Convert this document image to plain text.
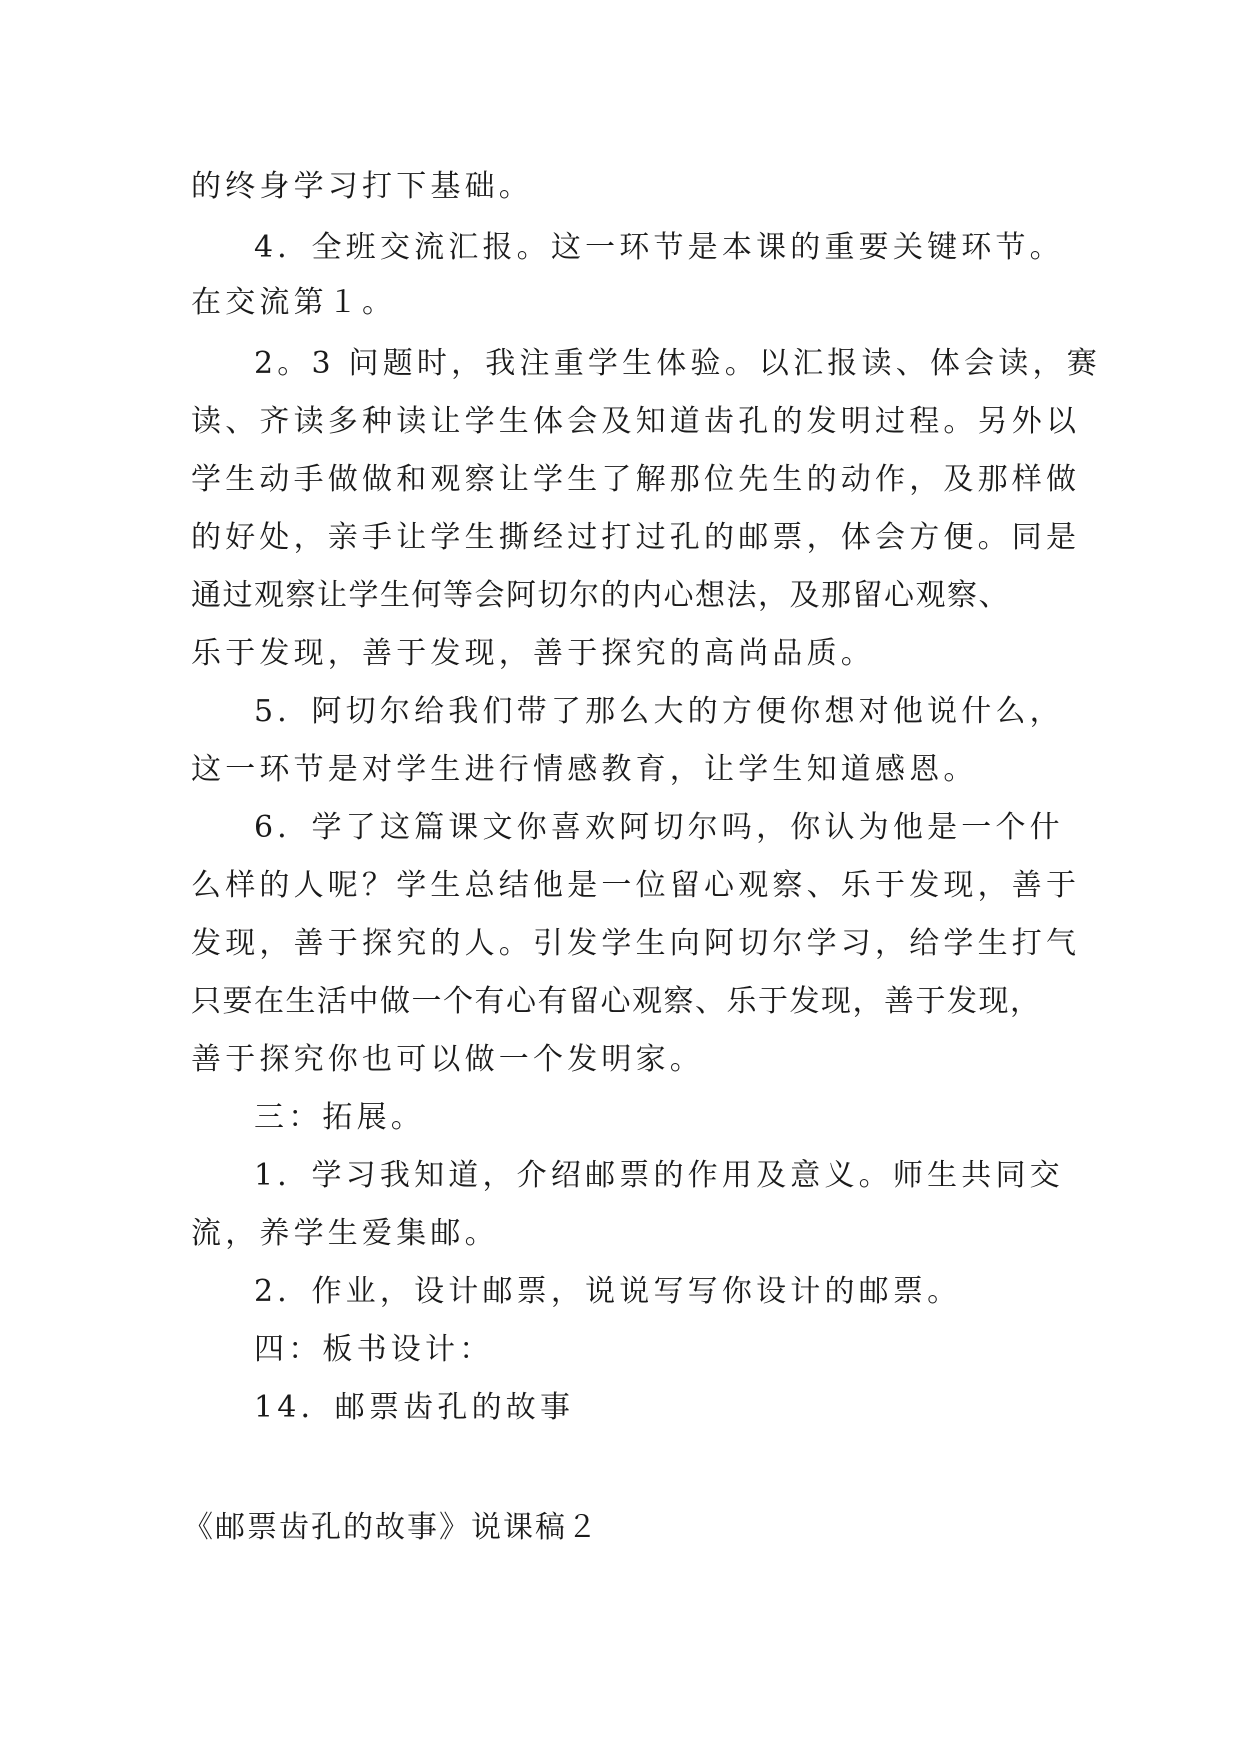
的终身学习打下基础。
4．全班交流汇报。这一环节是本课的重要关键环节。
在交流第１。
2。3 问题时，我注重学生体验。以汇报读、体会读，赛
读、齐读多种读让学生体会及知道齿孔的发明过程。另外以
学生动手做做和观察让学生了解那位先生的动作，及那样做
的好处，亲手让学生撕经过打过孔的邮票，体会方便。同是
通过观察让学生何等会阿切尔的内心想法，及那留心观察、
乐于发现，善于发现，善于探究的高尚品质。
5．阿切尔给我们带了那么大的方便你想对他说什么，
这一环节是对学生进行情感教育，让学生知道感恩。
6．学了这篇课文你喜欢阿切尔吗，你认为他是一个什
么样的人呢？学生总结他是一位留心观察、乐于发现，善于
发现，善于探究的人。引发学生向阿切尔学习，给学生打气
只要在生活中做一个有心有留心观察、乐于发现，善于发现，
善于探究你也可以做一个发明家。
三：拓展。
1．学习我知道，介绍邮票的作用及意义。师生共同交
流，养学生爱集邮。
2．作业，设计邮票，说说写写你设计的邮票。
四：板书设计：
14．邮票齿孔的故事
《邮票齿孔的故事》说课稿２
